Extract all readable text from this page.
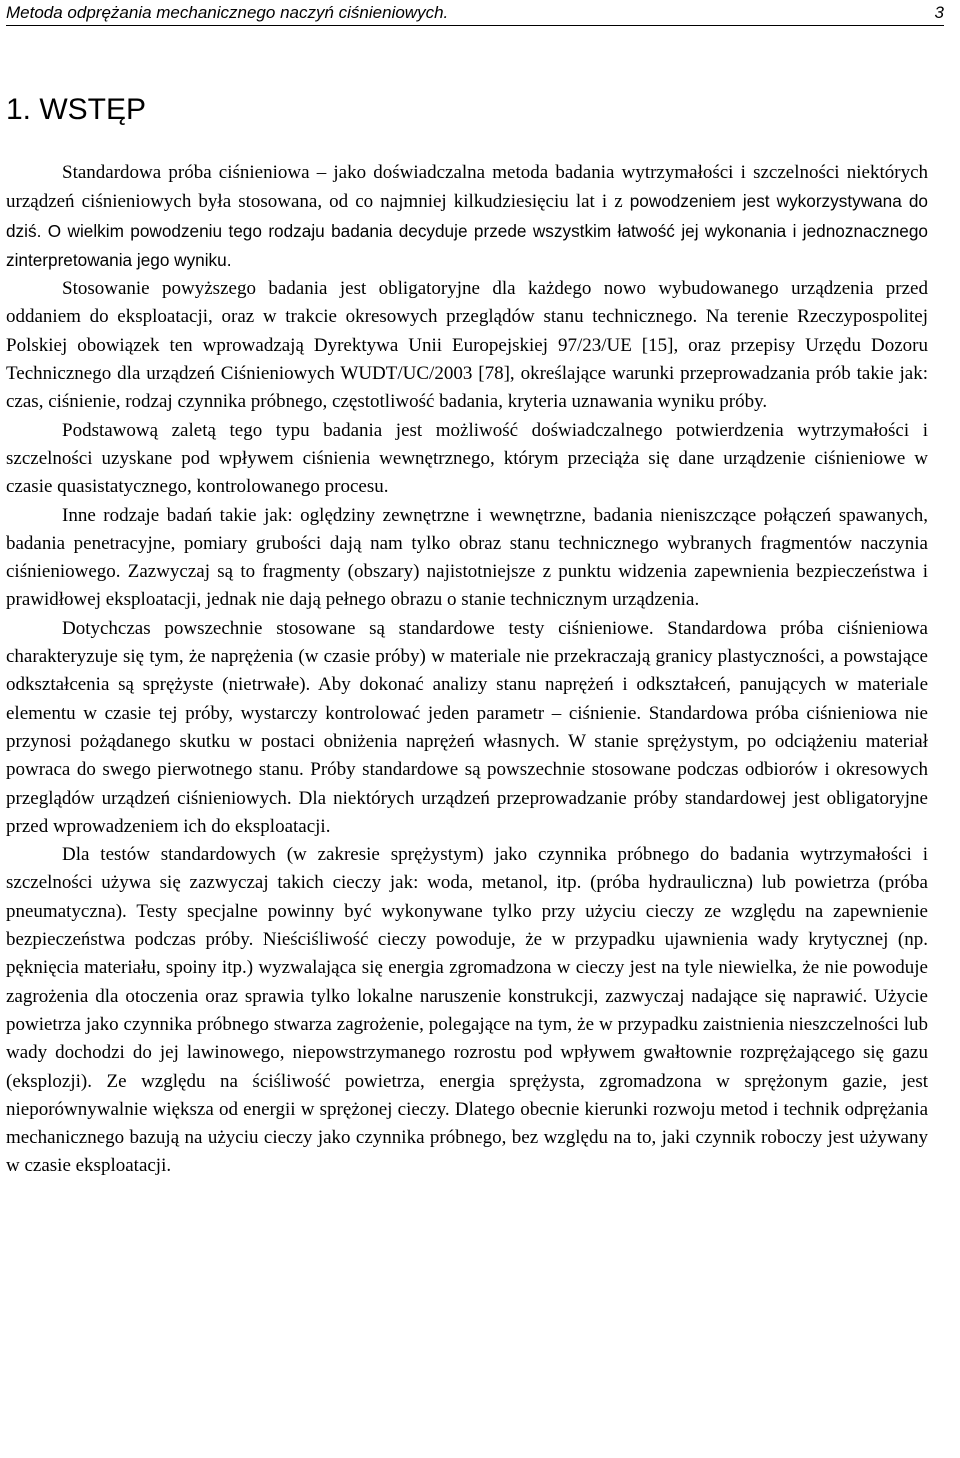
Metoda odprężania mechanicznego naczyń ciśnieniowych.	3
1. WSTĘP

Standardowa próba ciśnieniowa – jako doświadczalna metoda badania wytrzymałości i szczelności niektórych urządzeń ciśnieniowych była stosowana, od co najmniej kilkudziesięciu lat i z powodzeniem jest wykorzystywana do dziś. O wielkim powodzeniu tego rodzaju badania decyduje przede wszystkim łatwość jej wykonania i jednoznacznego zinterpretowania jego wyniku.

Stosowanie powyższego badania jest obligatoryjne dla każdego nowo wybudowanego urządzenia przed oddaniem do eksploatacji, oraz w trakcie okresowych przeglądów stanu technicznego. Na terenie Rzeczypospolitej Polskiej obowiązek ten wprowadzają Dyrektywa Unii Europejskiej 97/23/UE [15], oraz przepisy Urzędu Dozoru Technicznego dla urządzeń Ciśnieniowych WUDT/UC/2003 [78], określające warunki przeprowadzania prób takie jak: czas, ciśnienie, rodzaj czynnika próbnego, częstotliwość badania, kryteria uznawania wyniku próby.

Podstawową zaletą tego typu badania jest możliwość doświadczalnego potwierdzenia wytrzymałości i szczelności uzyskane pod wpływem ciśnienia wewnętrznego, którym przeciąża się dane urządzenie ciśnieniowe w czasie quasistatycznego, kontrolowanego procesu.

Inne rodzaje badań takie jak: oględziny zewnętrzne i wewnętrzne, badania nieniszczące połączeń spawanych, badania penetracyjne, pomiary grubości dają nam tylko obraz stanu technicznego wybranych fragmentów naczynia ciśnieniowego. Zazwyczaj są to fragmenty (obszary) najistotniejsze z punktu widzenia zapewnienia bezpieczeństwa i prawidłowej eksploatacji, jednak nie dają pełnego obrazu o stanie technicznym urządzenia.

Dotychczas powszechnie stosowane są standardowe testy ciśnieniowe. Standardowa próba ciśnieniowa charakteryzuje się tym, że naprężenia (w czasie próby) w materiale nie przekraczają granicy plastyczności, a powstające odkształcenia są sprężyste (nietrwałe). Aby dokonać analizy stanu naprężeń i odkształceń, panujących w materiale elementu w czasie tej próby, wystarczy kontrolować jeden parametr – ciśnienie. Standardowa próba ciśnieniowa nie przynosi pożądanego skutku w postaci obniżenia naprężeń własnych. W stanie sprężystym, po odciążeniu materiał powraca do swego pierwotnego stanu. Próby standardowe są powszechnie stosowane podczas odbiorów i okresowych przeglądów urządzeń ciśnieniowych. Dla niektórych urządzeń przeprowadzanie próby standardowej jest obligatoryjne przed wprowadzeniem ich do eksploatacji.

Dla testów standardowych (w zakresie sprężystym) jako czynnika próbnego do badania wytrzymałości i szczelności używa się zazwyczaj takich cieczy jak: woda, metanol, itp. (próba hydrauliczna) lub powietrza (próba pneumatyczna). Testy specjalne powinny być wykonywane tylko przy użyciu cieczy ze względu na zapewnienie bezpieczeństwa podczas próby. Nieściśliwość cieczy powoduje, że w przypadku ujawnienia wady krytycznej (np. pęknięcia materiału, spoiny itp.) wyzwalająca się energia zgromadzona w cieczy jest na tyle niewielka, że nie powoduje zagrożenia dla otoczenia oraz sprawia tylko lokalne naruszenie konstrukcji, zazwyczaj nadające się naprawić. Użycie powietrza jako czynnika próbnego stwarza zagrożenie, polegające na tym, że w przypadku zaistnienia nieszczelności lub wady dochodzi do jej lawinowego, niepowstrzymanego rozrostu pod wpływem gwałtownie rozprężającego się gazu (eksplozji). Ze względu na ściśliwość powietrza, energia sprężysta, zgromadzona w sprężonym gazie, jest nieporównywalnie większa od energii w sprężonej cieczy. Dlatego obecnie kierunki rozwoju metod i technik odprężania mechanicznego bazują na użyciu cieczy jako czynnika próbnego, bez względu na to, jaki czynnik roboczy jest używany w czasie eksploatacji.
